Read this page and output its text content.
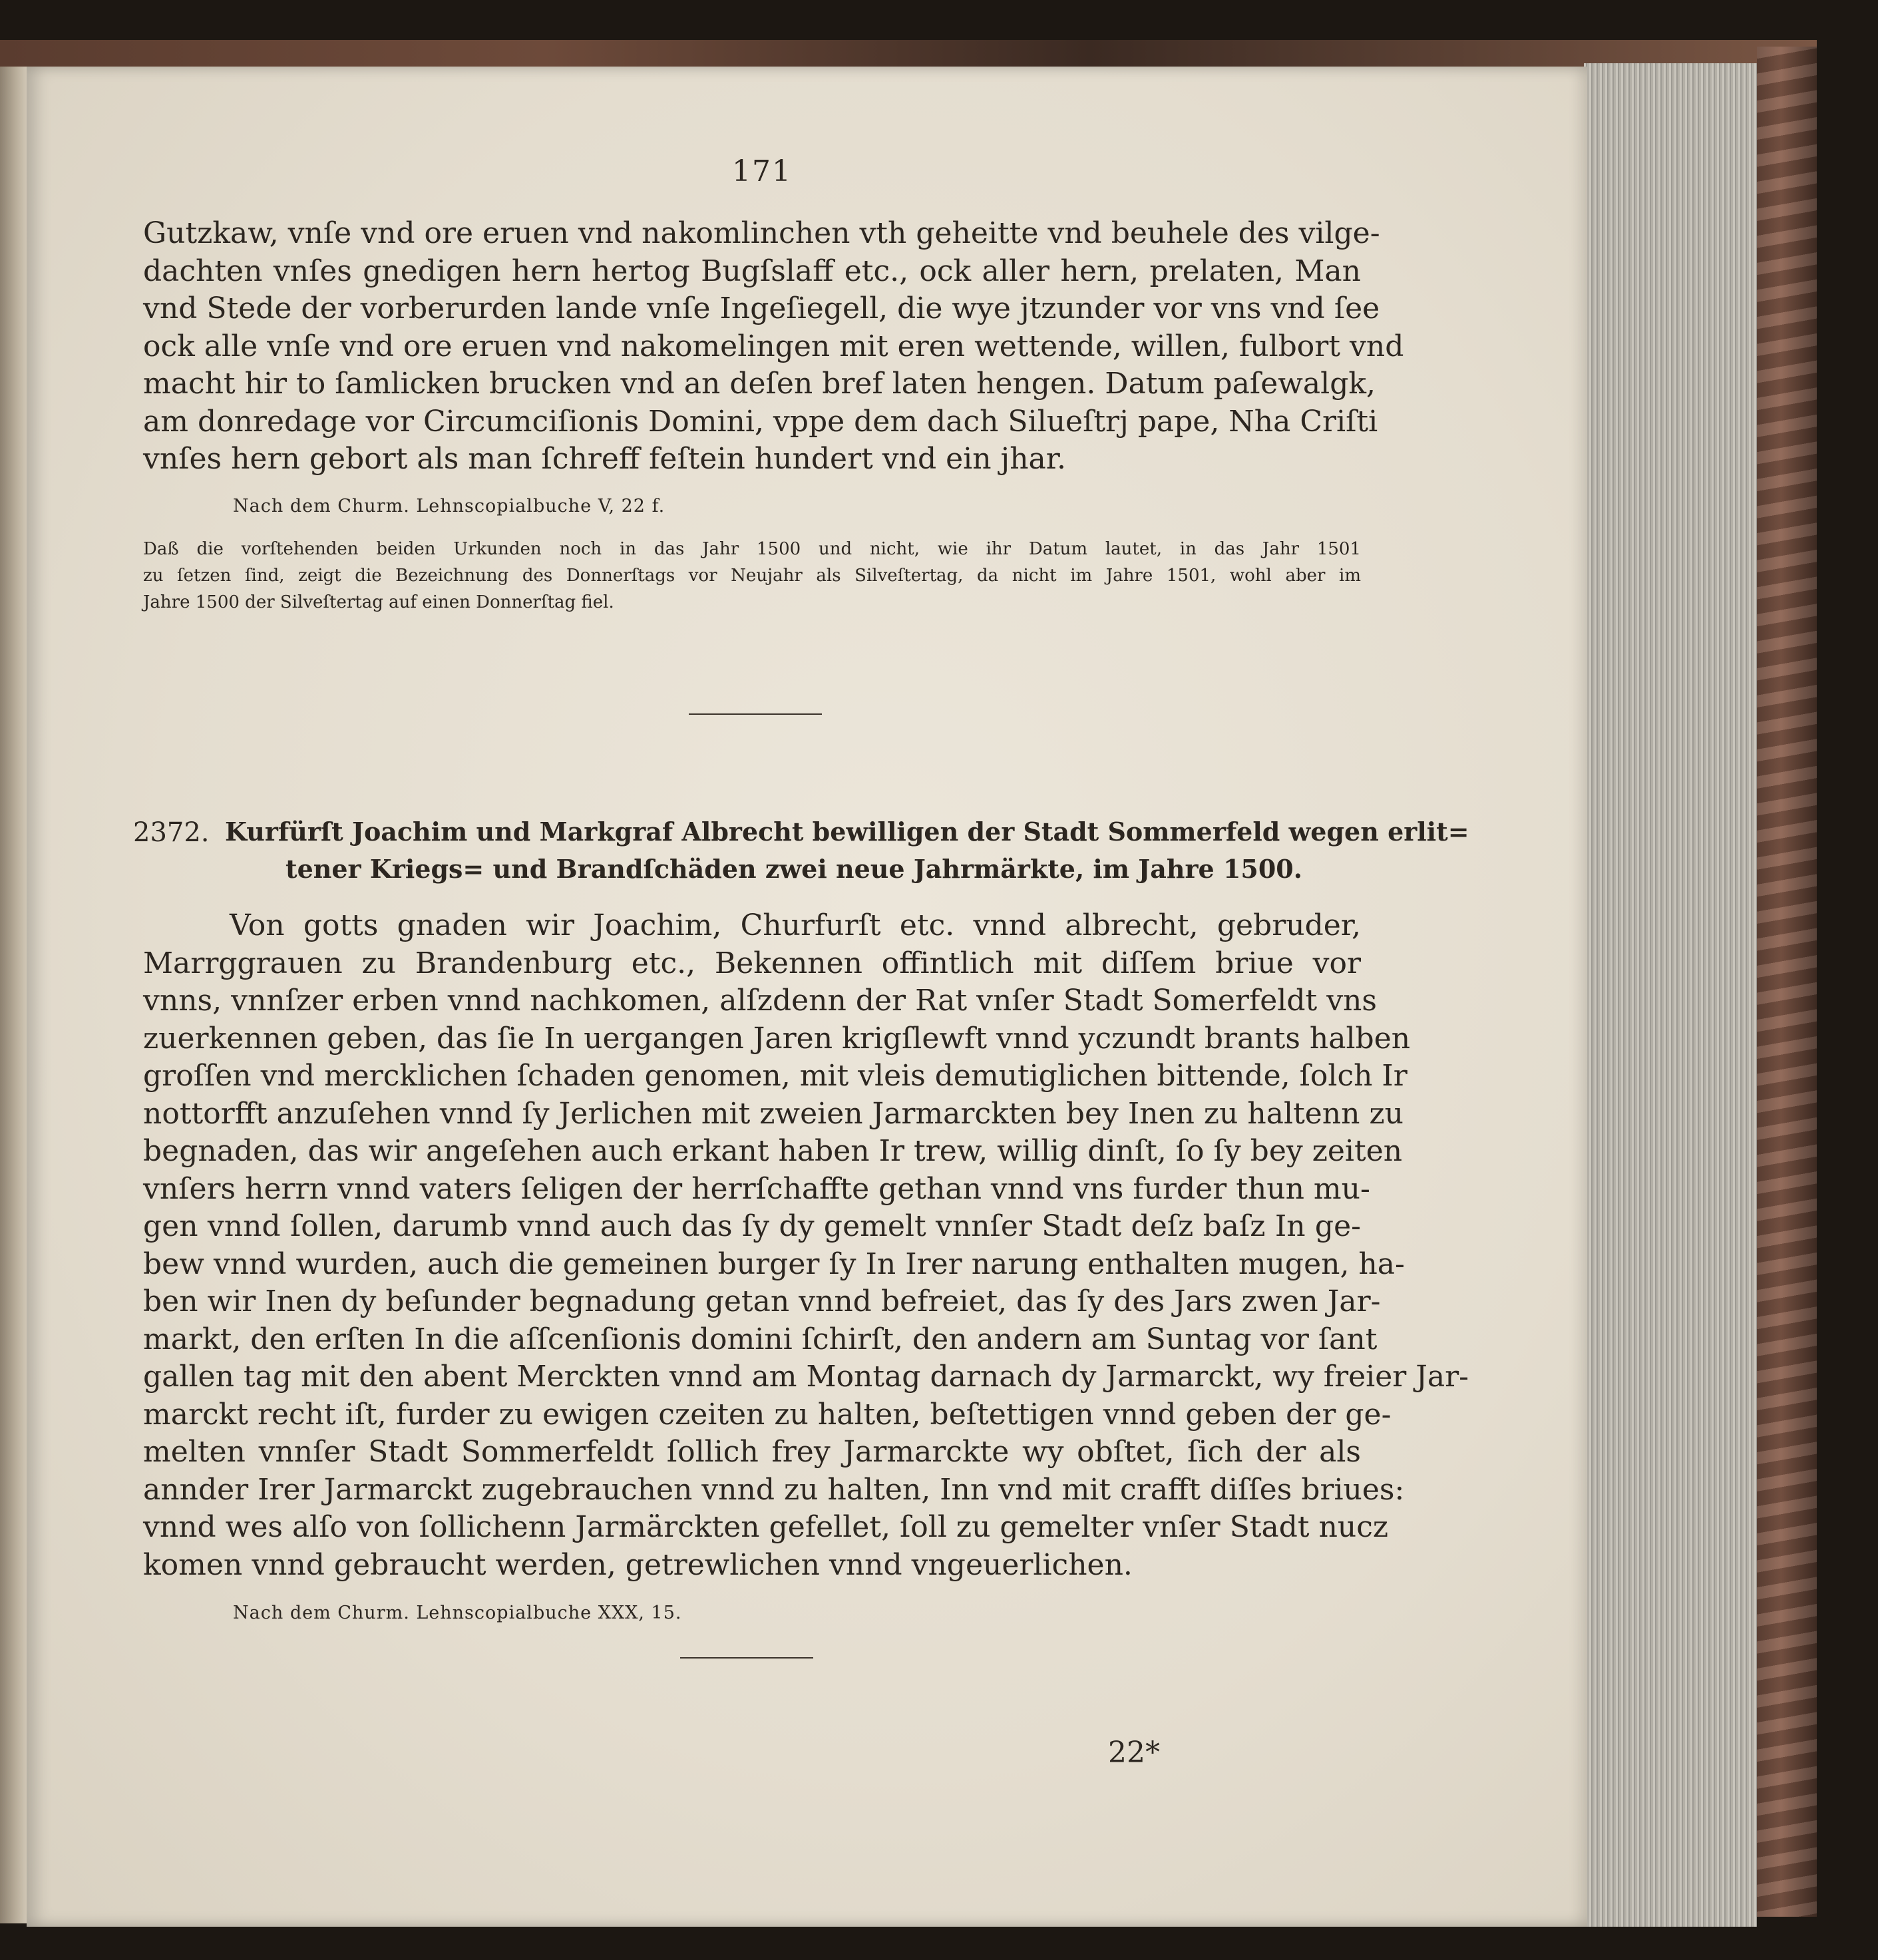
171
Gutzkaw, vnſe vnd ore eruen vnd nakomlinchen vth geheitte vnd beuhele des vilge-
dachten vnſes gnedigen hern hertog Bugſslaff etc., ock aller hern, prelaten, Man
vnd Stede der vorberurden lande vnſe Ingeſiegell, die wye jtzunder vor vns vnd ſee
ock alle vnſe vnd ore eruen vnd nakomelingen mit eren wettende, willen, fulbort vnd
macht hir to ſamlicken brucken vnd an deſen bref laten hengen. Datum paſewalgk,
am donredage vor Circumciſionis Domini, vppe dem dach Silueſtrj pape, Nha Criſti
vnſes hern gebort als man ſchreff feſtein hundert vnd ein jhar.
Nach dem Churm. Lehnscopialbuche V, 22 f.
Daß die vorſtehenden beiden Urkunden noch in das Jahr 1500 und nicht, wie ihr Datum lautet, in das Jahr 1501
zu ſetzen ſind, zeigt die Bezeichnung des Donnerſtags vor Neujahr als Silveſtertag, da nicht im Jahre 1501, wohl aber im
Jahre 1500 der Silveſtertag auf einen Donnerſtag fiel.
2372. Kurfürſt Joachim und Markgraf Albrecht bewilligen der Stadt Sommerfeld wegen erlit=
tener Kriegs= und Brandſchäden zwei neue Jahrmärkte, im Jahre 1500.
Von gotts gnaden wir Joachim, Churfurſt etc. vnnd albrecht, gebruder,
Marrggrauen zu Brandenburg etc., Bekennen offintlich mit diſſem briue vor
vnns, vnnſzer erben vnnd nachkomen, alſzdenn der Rat vnſer Stadt Somerfeldt vns
zuerkennen geben, das ſie In uergangen Jaren krigſlewft vnnd yczundt brants halben
groſſen vnd mercklichen ſchaden genomen, mit vleis demutiglichen bittende, ſolch Ir
nottorfft anzuſehen vnnd ſy Jerlichen mit zweien Jarmarckten bey Inen zu haltenn zu
begnaden, das wir angeſehen auch erkant haben Ir trew, willig dinſt, ſo ſy bey zeiten
vnſers herrn vnnd vaters ſeligen der herrſchaffte gethan vnnd vns furder thun mu-
gen vnnd ſollen, darumb vnnd auch das ſy dy gemelt vnnſer Stadt deſz baſz In ge-
bew vnnd wurden, auch die gemeinen burger ſy In Irer narung enthalten mugen, ha-
ben wir Inen dy beſunder begnadung getan vnnd befreiet, das ſy des Jars zwen Jar-
markt, den erſten In die aſſcenſionis domini ſchirſt, den andern am Suntag vor ſant
gallen tag mit den abent Merckten vnnd am Montag darnach dy Jarmarckt, wy freier Jar-
marckt recht iſt, furder zu ewigen czeiten zu halten, beſtettigen vnnd geben der ge-
melten vnnſer Stadt Sommerfeldt ſollich frey Jarmarckte wy obſtet, ſich der als
annder Irer Jarmarckt zugebrauchen vnnd zu halten, Inn vnd mit crafft diſſes briues:
vnnd wes alſo von ſollichenn Jarmärckten gefellet, ſoll zu gemelter vnſer Stadt nucz
komen vnnd gebraucht werden, getrewlichen vnnd vngeuerlichen.
Nach dem Churm. Lehnscopialbuche XXX, 15.
22*
